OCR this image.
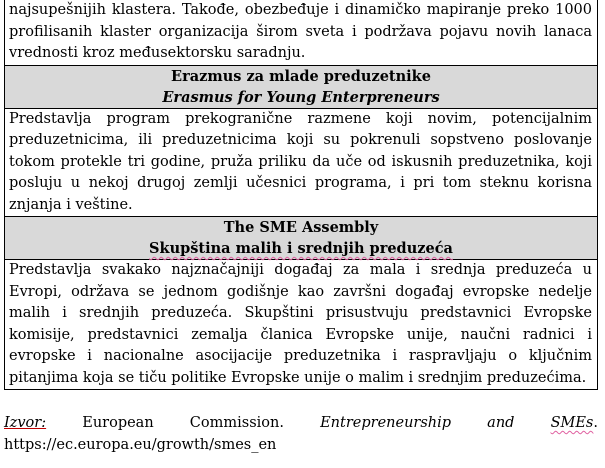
najsupešnijih klastera. Takođe, obezbeđuje i dinamičko mapiranje preko 1000 profilisanih klaster organizacija širom sveta i podržava pojavu novih lanaca vrednosti kroz međusektorsku saradnju.
Erazmus za mlade preduzetnike
Erasmus for Young Enterpreneurs
Predstavlja program prekogranične razmene koji novim, potencijalnim preduzetnicima, ili preduzetnicima koji su pokrenuli sopstveno poslovanje tokom protekle tri godine, pruža priliku da uče od iskusnih preduzetnika, koji posluju u nekoj drugoj zemlji učesnici programa, i pri tom steknu korisna znjanja i veštine.
The SME Assembly
Skupština malih i srednjih preduzeća
Predstavlja svakako najznačajniji događaj za mala i srednja preduzeća u Evropi, održava se jednom godišnje kao završni događaj evropske nedelje malih i srednjih preduzeća. Skupštini prisustvuju predstavnici Evropske komisije, predstavnici zemalja članica Evropske unije, naučni radnici i evropske i nacionalne asocijacije preduzetnika i raspravljaju o ključnim pitanjima koja se tiču politike Evropske unije o malim i srednjim preduzećima.
Izvor: European Commission. Entrepreneurship and SMEs.
https://ec.europa.eu/growth/smes_en
